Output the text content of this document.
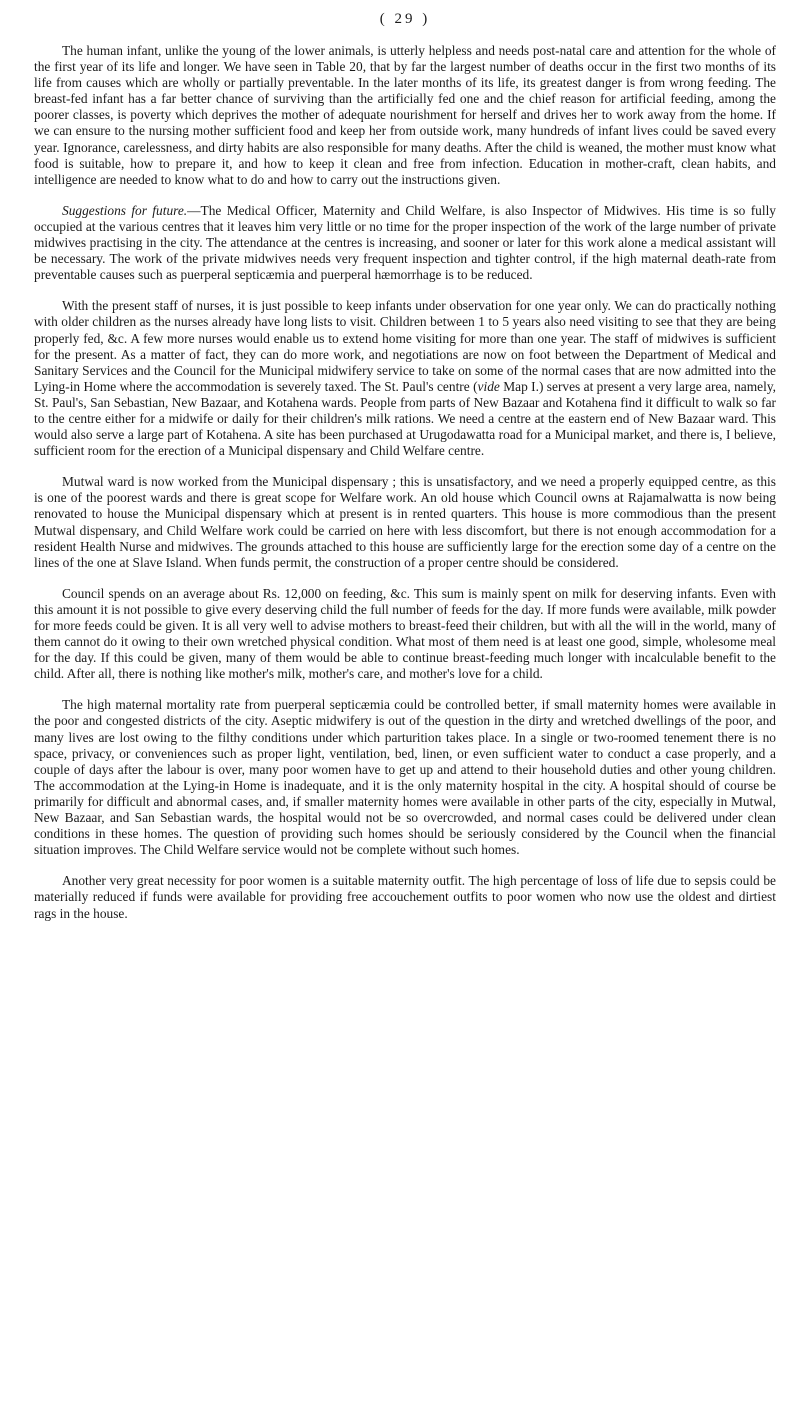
( 29 )

The human infant, unlike the young of the lower animals, is utterly helpless and needs post-natal care and attention for the whole of the first year of its life and longer. We have seen in Table 20, that by far the largest number of deaths occur in the first two months of its life from causes which are wholly or partially preventable. In the later months of its life, its greatest danger is from wrong feeding. The breast-fed infant has a far better chance of surviving than the artificially fed one and the chief reason for artificial feeding, among the poorer classes, is poverty which deprives the mother of adequate nourishment for herself and drives her to work away from the home. If we can ensure to the nursing mother sufficient food and keep her from outside work, many hundreds of infant lives could be saved every year. Ignorance, carelessness, and dirty habits are also responsible for many deaths. After the child is weaned, the mother must know what food is suitable, how to prepare it, and how to keep it clean and free from infection. Education in mother-craft, clean habits, and intelligence are needed to know what to do and how to carry out the instructions given.

Suggestions for future.—The Medical Officer, Maternity and Child Welfare, is also Inspector of Midwives. His time is so fully occupied at the various centres that it leaves him very little or no time for the proper inspection of the work of the large number of private midwives practising in the city. The attendance at the centres is increasing, and sooner or later for this work alone a medical assistant will be necessary. The work of the private midwives needs very frequent inspection and tighter control, if the high maternal death-rate from preventable causes such as puerperal septicæmia and puerperal hæmorrhage is to be reduced.

With the present staff of nurses, it is just possible to keep infants under observation for one year only. We can do practically nothing with older children as the nurses already have long lists to visit. Children between 1 to 5 years also need visiting to see that they are being properly fed, &c. A few more nurses would enable us to extend home visiting for more than one year. The staff of midwives is sufficient for the present. As a matter of fact, they can do more work, and negotiations are now on foot between the Department of Medical and Sanitary Services and the Council for the Municipal midwifery service to take on some of the normal cases that are now admitted into the Lying-in Home where the accommodation is severely taxed. The St. Paul's centre (vide Map I.) serves at present a very large area, namely, St. Paul's, San Sebastian, New Bazaar, and Kotahena wards. People from parts of New Bazaar and Kotahena find it difficult to walk so far to the centre either for a midwife or daily for their children's milk rations. We need a centre at the eastern end of New Bazaar ward. This would also serve a large part of Kotahena. A site has been purchased at Urugodawatta road for a Municipal market, and there is, I believe, sufficient room for the erection of a Municipal dispensary and Child Welfare centre.

Mutwal ward is now worked from the Municipal dispensary ; this is unsatisfactory, and we need a properly equipped centre, as this is one of the poorest wards and there is great scope for Welfare work. An old house which Council owns at Rajamalwatta is now being renovated to house the Municipal dispensary which at present is in rented quarters. This house is more commodious than the present Mutwal dispensary, and Child Welfare work could be carried on here with less discomfort, but there is not enough accommodation for a resident Health Nurse and midwives. The grounds attached to this house are sufficiently large for the erection some day of a centre on the lines of the one at Slave Island. When funds permit, the construction of a proper centre should be considered.

Council spends on an average about Rs. 12,000 on feeding, &c. This sum is mainly spent on milk for deserving infants. Even with this amount it is not possible to give every deserving child the full number of feeds for the day. If more funds were available, milk powder for more feeds could be given. It is all very well to advise mothers to breast-feed their children, but with all the will in the world, many of them cannot do it owing to their own wretched physical condition. What most of them need is at least one good, simple, wholesome meal for the day. If this could be given, many of them would be able to continue breast-feeding much longer with incalculable benefit to the child. After all, there is nothing like mother's milk, mother's care, and mother's love for a child.

The high maternal mortality rate from puerperal septicæmia could be controlled better, if small maternity homes were available in the poor and congested districts of the city. Aseptic midwifery is out of the question in the dirty and wretched dwellings of the poor, and many lives are lost owing to the filthy conditions under which parturition takes place. In a single or two-roomed tenement there is no space, privacy, or conveniences such as proper light, ventilation, bed, linen, or even sufficient water to conduct a case properly, and a couple of days after the labour is over, many poor women have to get up and attend to their household duties and other young children. The accommodation at the Lying-in Home is inadequate, and it is the only maternity hospital in the city. A hospital should of course be primarily for difficult and abnormal cases, and, if smaller maternity homes were available in other parts of the city, especially in Mutwal, New Bazaar, and San Sebastian wards, the hospital would not be so overcrowded, and normal cases could be delivered under clean conditions in these homes. The question of providing such homes should be seriously considered by the Council when the financial situation improves. The Child Welfare service would not be complete without such homes.

Another very great necessity for poor women is a suitable maternity outfit. The high percentage of loss of life due to sepsis could be materially reduced if funds were available for providing free accouchement outfits to poor women who now use the oldest and dirtiest rags in the house.
